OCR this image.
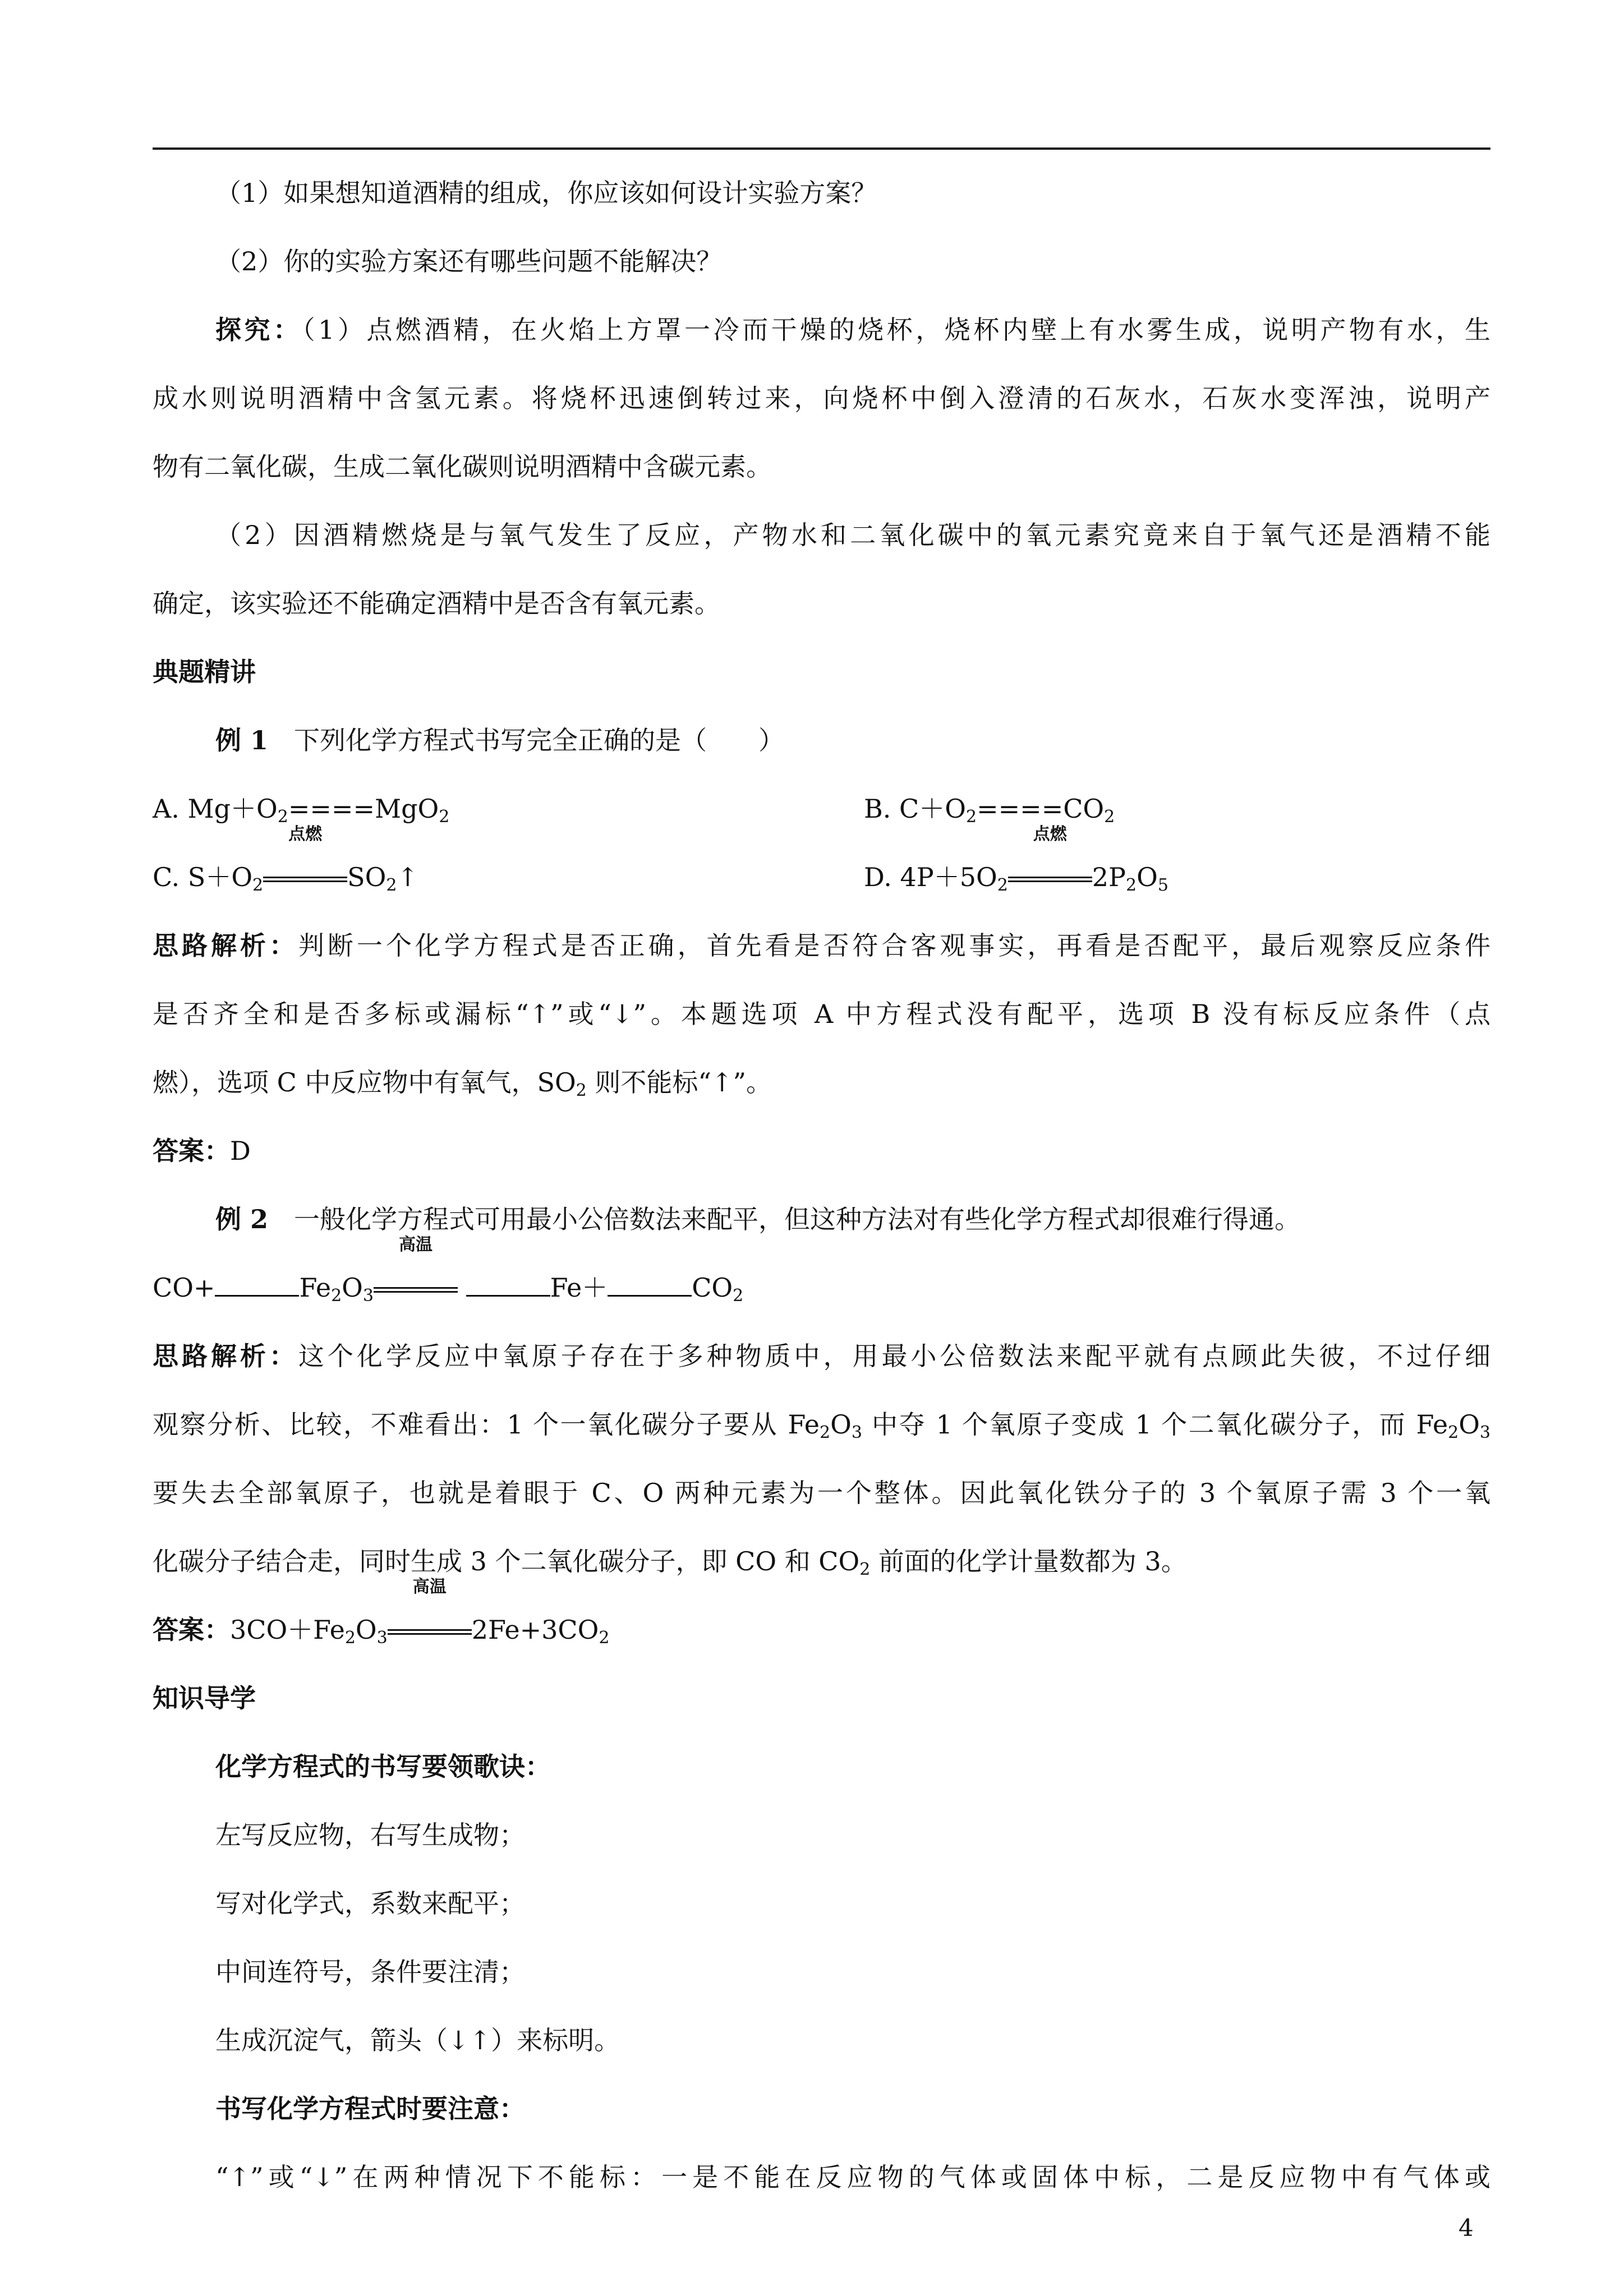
（1）如果想知道酒精的组成，你应该如何设计实验方案？
（2）你的实验方案还有哪些问题不能解决？
探究：（1）点燃酒精，在火焰上方罩一冷而干燥的烧杯，烧杯内壁上有水雾生成，说明产物有水，生
成水则说明酒精中含氢元素。将烧杯迅速倒转过来，向烧杯中倒入澄清的石灰水，石灰水变浑浊，说明产
物有二氧化碳，生成二氧化碳则说明酒精中含碳元素。
（2）因酒精燃烧是与氧气发生了反应，产物水和二氧化碳中的氧元素究竟来自于氧气还是酒精不能
确定，该实验还不能确定酒精中是否含有氧元素。
典题精讲
例 1　 下列化学方程式书写完全正确的是（　　）
A. $Mg+O_2====MgO_2$	B. $C+O_2====CO_2$
C. $S+O_2$
点燃
$SO_2↑$	D. $4P+5O_2$
点燃
$2P_2O_5$
思路解析：判断一个化学方程式是否正确，首先看是否符合客观事实，再看是否配平，最后观察反应条件
是否齐全和是否多标或漏标“↑”或“↓”。本题选项 A 中方程式没有配平，选项 B 没有标反应条件（点
燃），选项 C 中反应物中有氧气，$SO_2$ 则不能标“↑”。
答案：D
例 2　 一般化学方程式可用最小公倍数法来配平，但这种方法对有些化学方程式却很难行得通。
CO+	$Fe_2O_3$
高温
Fe＋	$CO_2$
思路解析：这个化学反应中氧原子存在于多种物质中，用最小公倍数法来配平就有点顾此失彼，不过仔细
观察分析、比较，不难看出：1 个一氧化碳分子要从 $Fe_2O_3$ 中夺 1 个氧原子变成 1 个二氧化碳分子，而 $Fe_2O_3$
要失去全部氧原子，也就是着眼于 C、O 两种元素为一个整体。因此氧化铁分子的 3 个氧原子需 3 个一氧
化碳分子结合走，同时生成 3 个二氧化碳分子，即 CO 和 $CO_2$ 前面的化学计量数都为 3。
答案：$3CO+Fe_2O_3$
高温
$2Fe+3CO_2$
知识导学
化学方程式的书写要领歌诀：
左写反应物，右写生成物；
写对化学式，系数来配平；
中间连符号，条件要注清；
生成沉淀气，箭头（↓↑）来标明。
书写化学方程式时要注意：
“↑”或“↓”在两种情况下不能标：一是不能在反应物的气体或固体中标，二是反应物中有气体或
4
